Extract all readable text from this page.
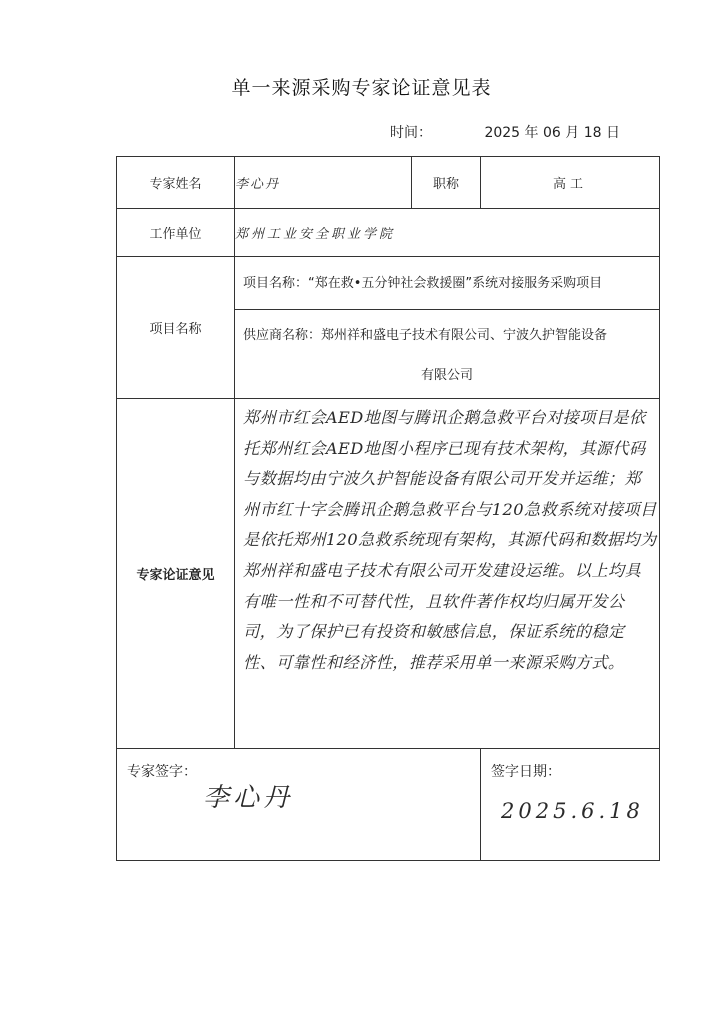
单一来源采购专家论证意见表
时间：	2025 年 06 月 18 日
专家姓名	李心丹	职称	高工
工作单位	郑州工业安全职业学院		
项目名称	项目名称：“郑在救•五分钟社会救援圈”系统对接服务采购项目
供应商名称：郑州祥和盛电子技术有限公司、宁波久护智能设备
有限公司		

专家论证意见	郑州市红会AED地图与腾讯企鹅急救平台对接项目是依托郑州红会AED地图小程序已现有技术架构，其源代码与数据均由宁波久护智能设备有限公司开发并运维；郑州市红十字会腾讯企鹅急救平台与120急救系统对接项目是依托郑州120急救系统现有架构，其源代码和数据均为郑州祥和盛电子技术有限公司开发建设运维。以上均具有唯一性和不可替代性，且软件著作权均归属开发公司，为了保护已有投资和敏感信息，保证系统的稳定性、可靠性和经济性，推荐采用单一来源采购方式。		

专家签字：
李心丹			签字日期：
2025.6.18
